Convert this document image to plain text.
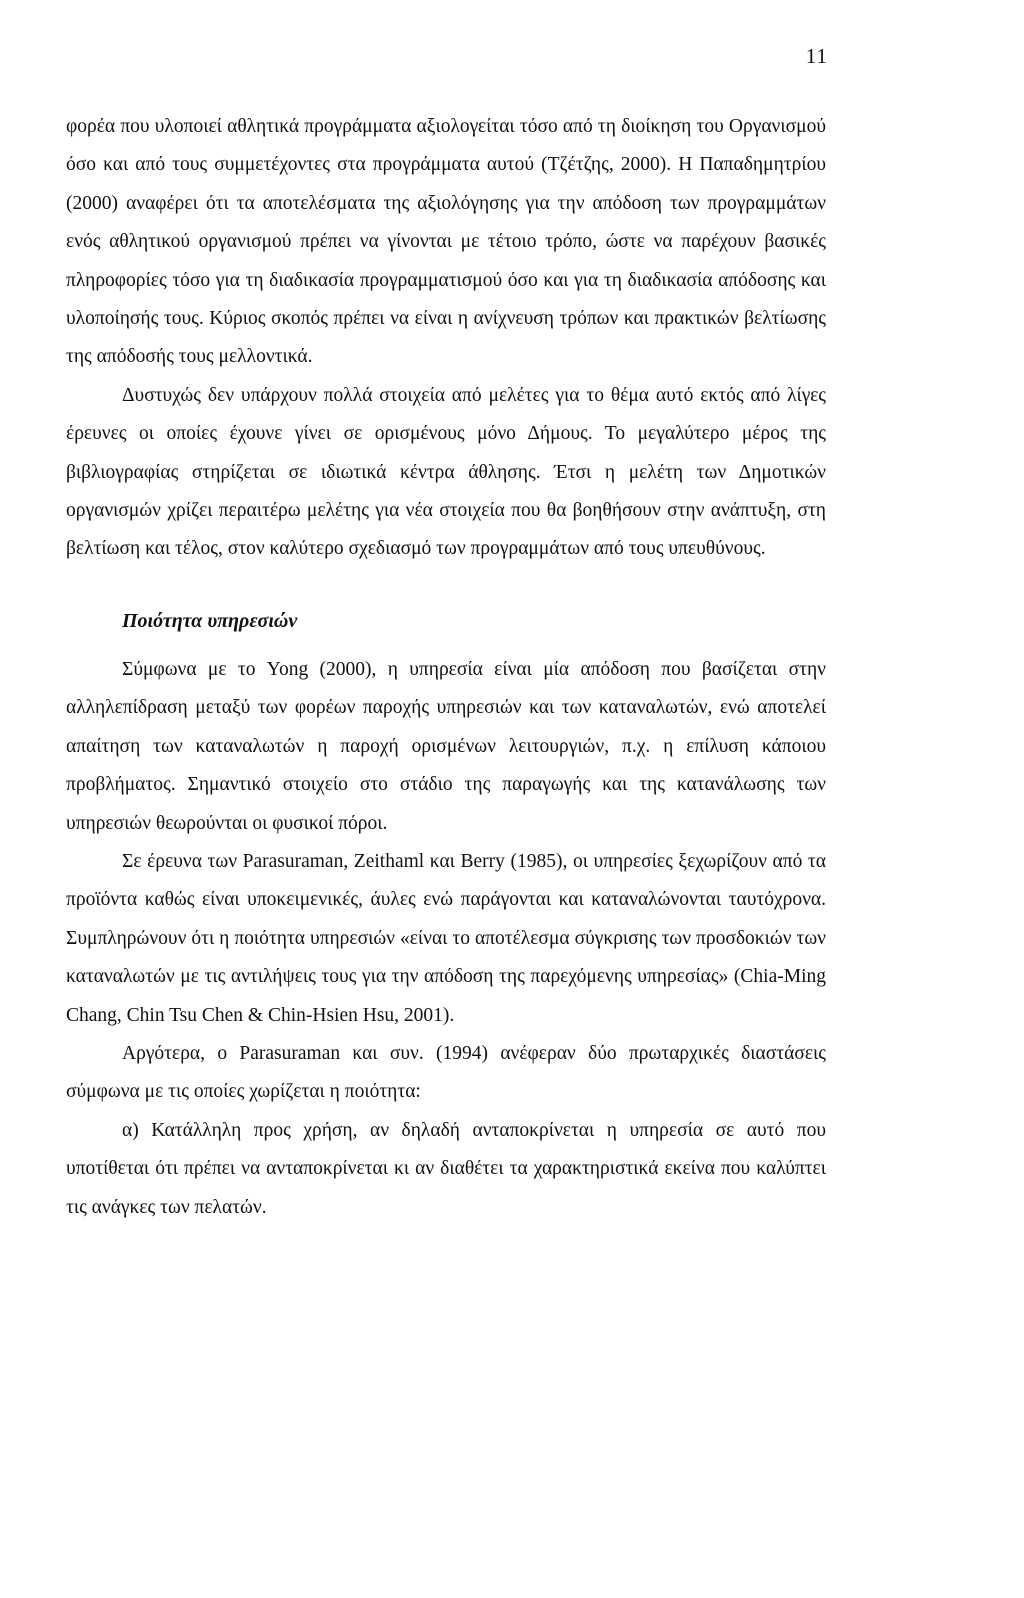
11

φορέα που υλοποιεί αθλητικά προγράμματα αξιολογείται τόσο από τη διοίκηση του Οργανισμού όσο και από τους συμμετέχοντες στα προγράμματα αυτού (Τζέτζης, 2000). Η Παπαδημητρίου (2000) αναφέρει ότι τα αποτελέσματα της αξιολόγησης για την απόδοση των προγραμμάτων ενός αθλητικού οργανισμού πρέπει να γίνονται με τέτοιο τρόπο, ώστε να παρέχουν βασικές πληροφορίες τόσο για τη διαδικασία προγραμματισμού όσο και για τη διαδικασία απόδοσης και υλοποίησής τους. Κύριος σκοπός πρέπει να είναι η ανίχνευση τρόπων και πρακτικών βελτίωσης της απόδοσής τους μελλοντικά.

Δυστυχώς δεν υπάρχουν πολλά στοιχεία από μελέτες για το θέμα αυτό εκτός από λίγες έρευνες οι οποίες έχουνε γίνει σε ορισμένους μόνο Δήμους. Το μεγαλύτερο μέρος της βιβλιογραφίας στηρίζεται σε ιδιωτικά κέντρα άθλησης. Έτσι η μελέτη των Δημοτικών οργανισμών χρίζει περαιτέρω μελέτης για νέα στοιχεία που θα βοηθήσουν στην ανάπτυξη, στη βελτίωση και τέλος, στον καλύτερο σχεδιασμό των προγραμμάτων από τους υπευθύνους.

Ποιότητα υπηρεσιών

Σύμφωνα με το Yong (2000), η υπηρεσία είναι μία απόδοση που βασίζεται στην αλληλεπίδραση μεταξύ των φορέων παροχής υπηρεσιών και των καταναλωτών, ενώ αποτελεί απαίτηση των καταναλωτών η παροχή ορισμένων λειτουργιών, π.χ. η επίλυση κάποιου προβλήματος. Σημαντικό στοιχείο στο στάδιο της παραγωγής και της κατανάλωσης των υπηρεσιών θεωρούνται οι φυσικοί πόροι.

Σε έρευνα των Parasuraman, Zeithaml και Berry (1985), οι υπηρεσίες ξεχωρίζουν από τα προϊόντα καθώς είναι υποκειμενικές, άυλες ενώ παράγονται και καταναλώνονται ταυτόχρονα. Συμπληρώνουν ότι η ποιότητα υπηρεσιών «είναι το αποτέλεσμα σύγκρισης των προσδοκιών των καταναλωτών με τις αντιλήψεις τους για την απόδοση της παρεχόμενης υπηρεσίας» (Chia-Ming Chang, Chin Tsu Chen & Chin-Hsien Hsu, 2001).

Αργότερα, ο Parasuraman και συν. (1994) ανέφεραν δύο πρωταρχικές διαστάσεις σύμφωνα με τις οποίες χωρίζεται η ποιότητα:

α) Κατάλληλη προς χρήση, αν δηλαδή ανταποκρίνεται η υπηρεσία σε αυτό που υποτίθεται ότι πρέπει να ανταποκρίνεται κι αν διαθέτει τα χαρακτηριστικά εκείνα που καλύπτει τις ανάγκες των πελατών.
